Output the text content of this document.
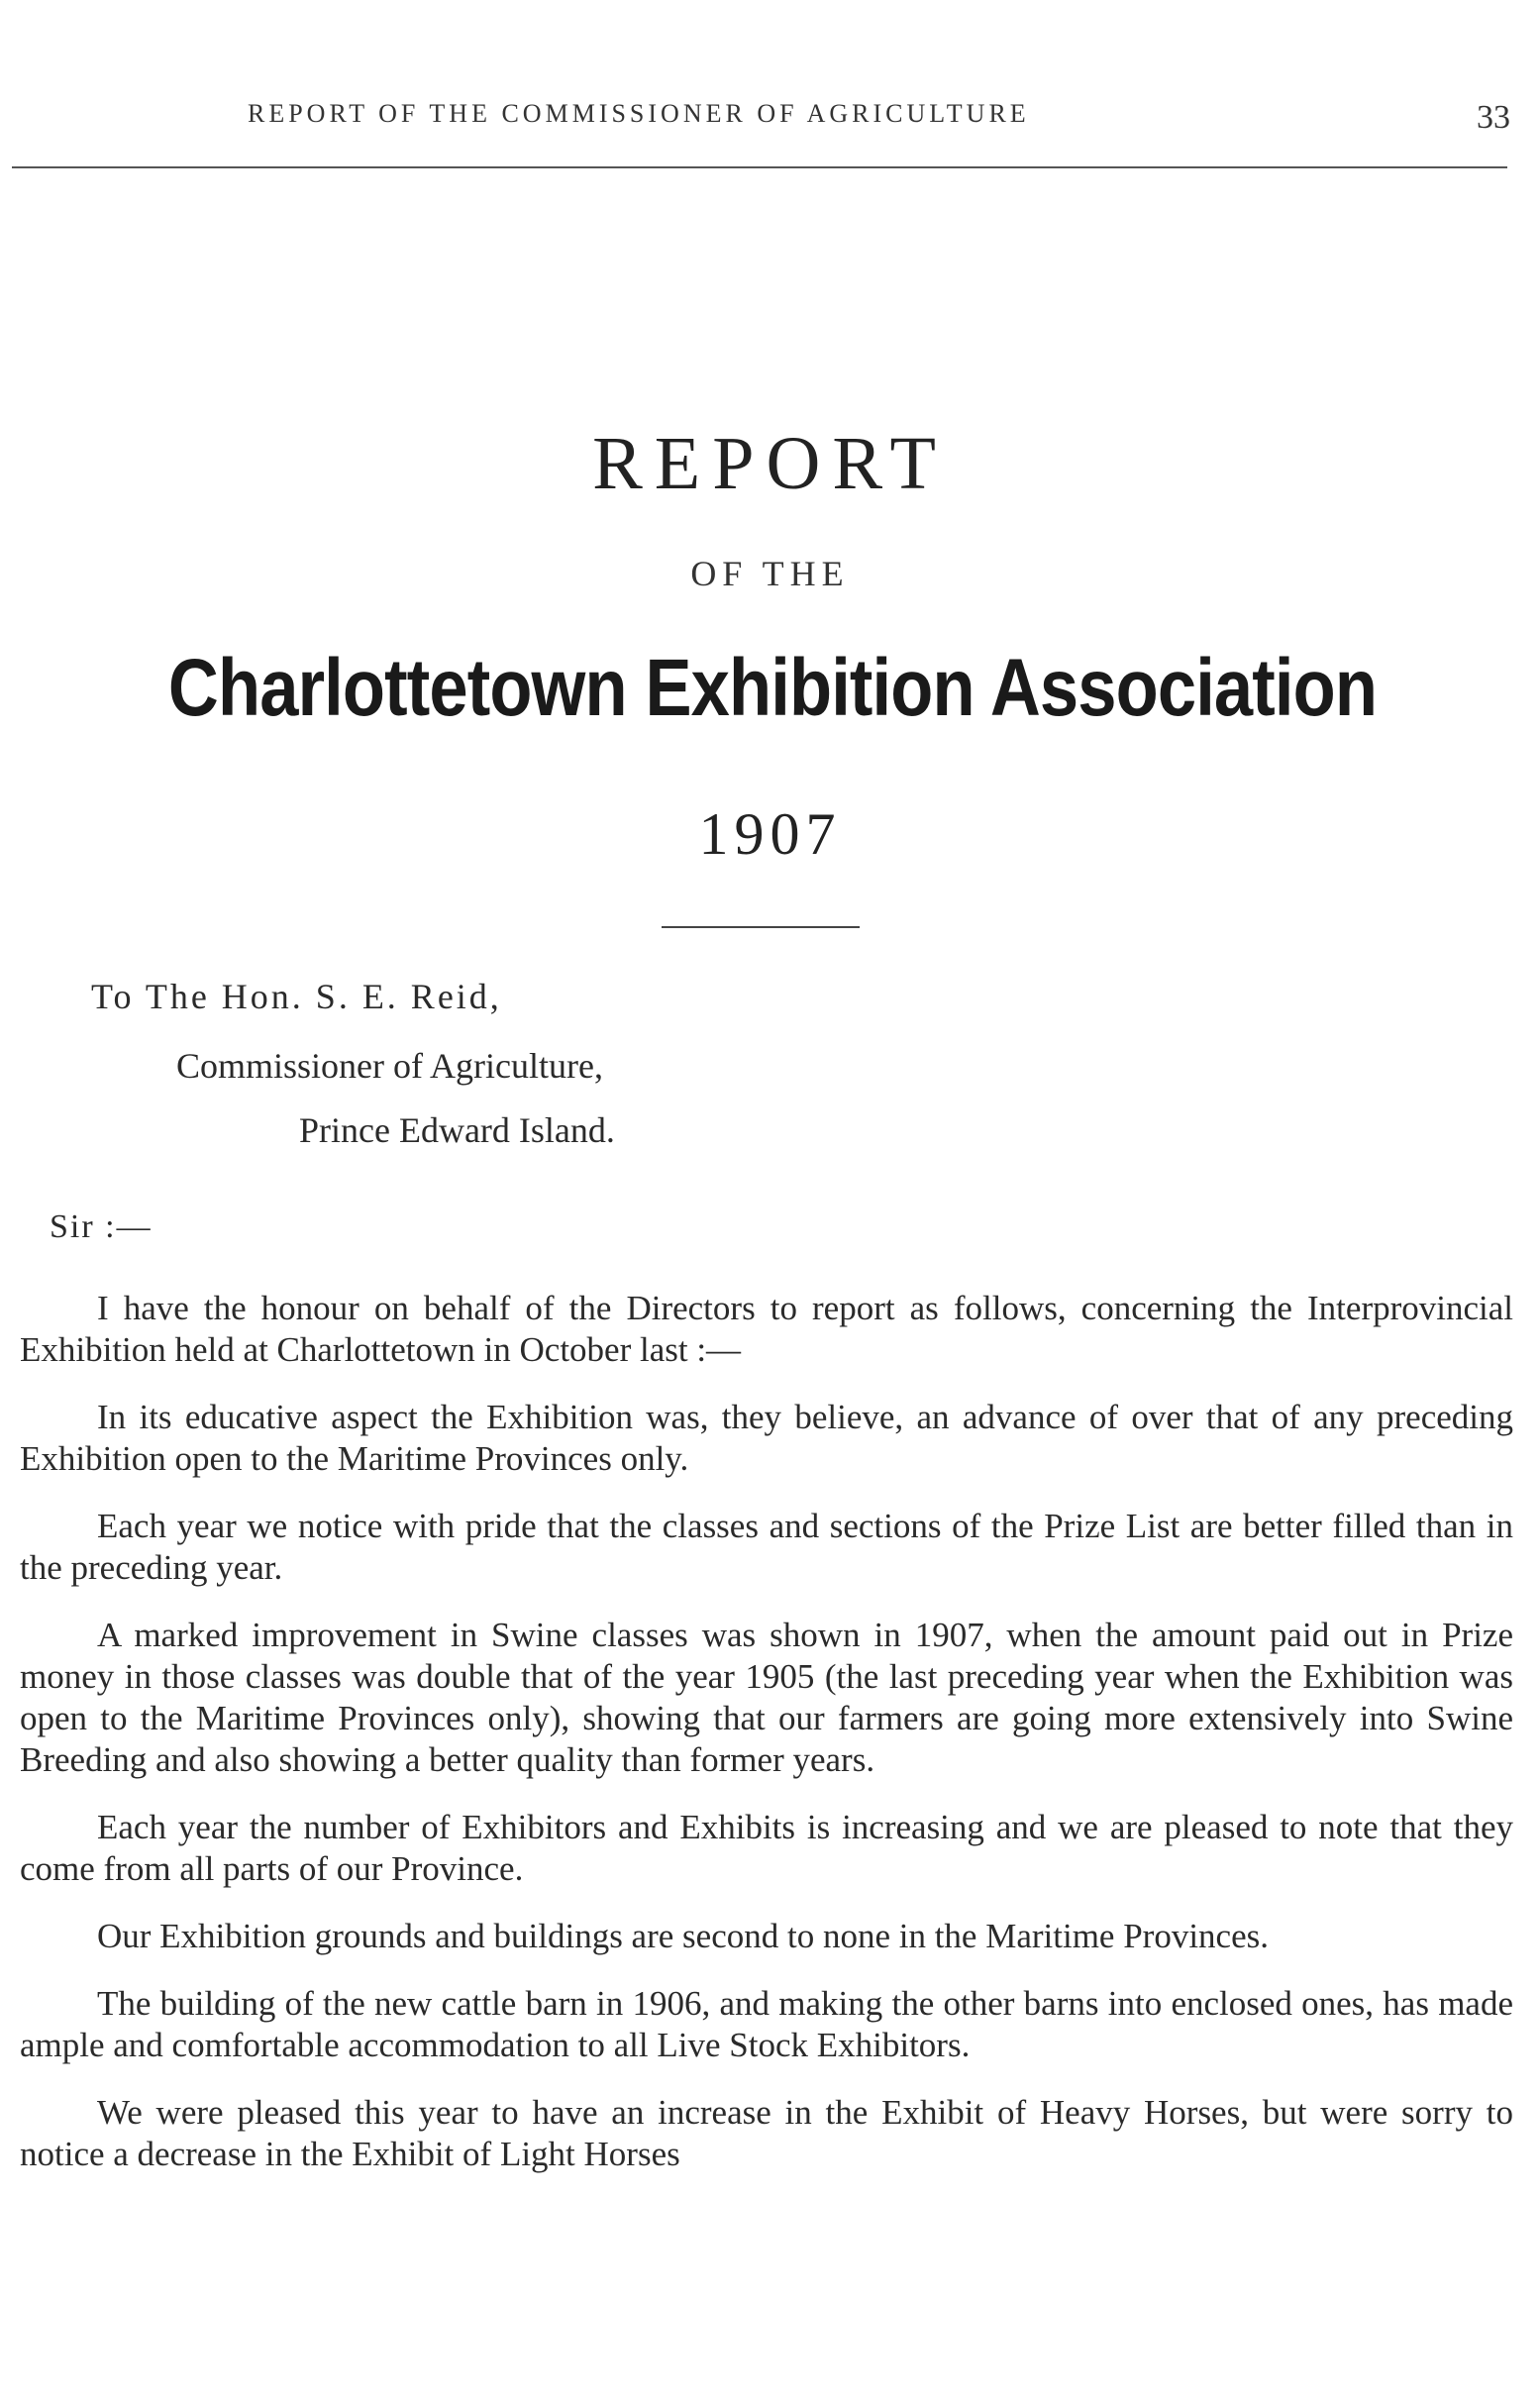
REPORT OF THE COMMISSIONER OF AGRICULTURE	33
REPORT
OF THE
Charlottetown Exhibition Association
1907
To The Hon. S. E. Reid,
Commissioner of Agriculture,
Prince Edward Island.
Sir :—

I have the honour on behalf of the Directors to report as follows, concerning the Interprovincial Exhibition held at Charlottetown in October last :—

In its educative aspect the Exhibition was, they believe, an advance of over that of any preceding Exhibition open to the Maritime Provinces only.

Each year we notice with pride that the classes and sections of the Prize List are better filled than in the preceding year.

A marked improvement in Swine classes was shown in 1907, when the amount paid out in Prize money in those classes was double that of the year 1905 (the last preceding year when the Exhibition was open to the Maritime Provinces only), showing that our farmers are going more extensively into Swine Breeding and also showing a better quality than former years.

Each year the number of Exhibitors and Exhibits is increasing and we are pleased to note that they come from all parts of our Province.

Our Exhibition grounds and buildings are second to none in the Maritime Provinces.

The building of the new cattle barn in 1906, and making the other barns into enclosed ones, has made ample and comfortable accommodation to all Live Stock Exhibitors.

We were pleased this year to have an increase in the Exhibit of Heavy Horses, but were sorry to notice a decrease in the Exhibit of Light Horses
